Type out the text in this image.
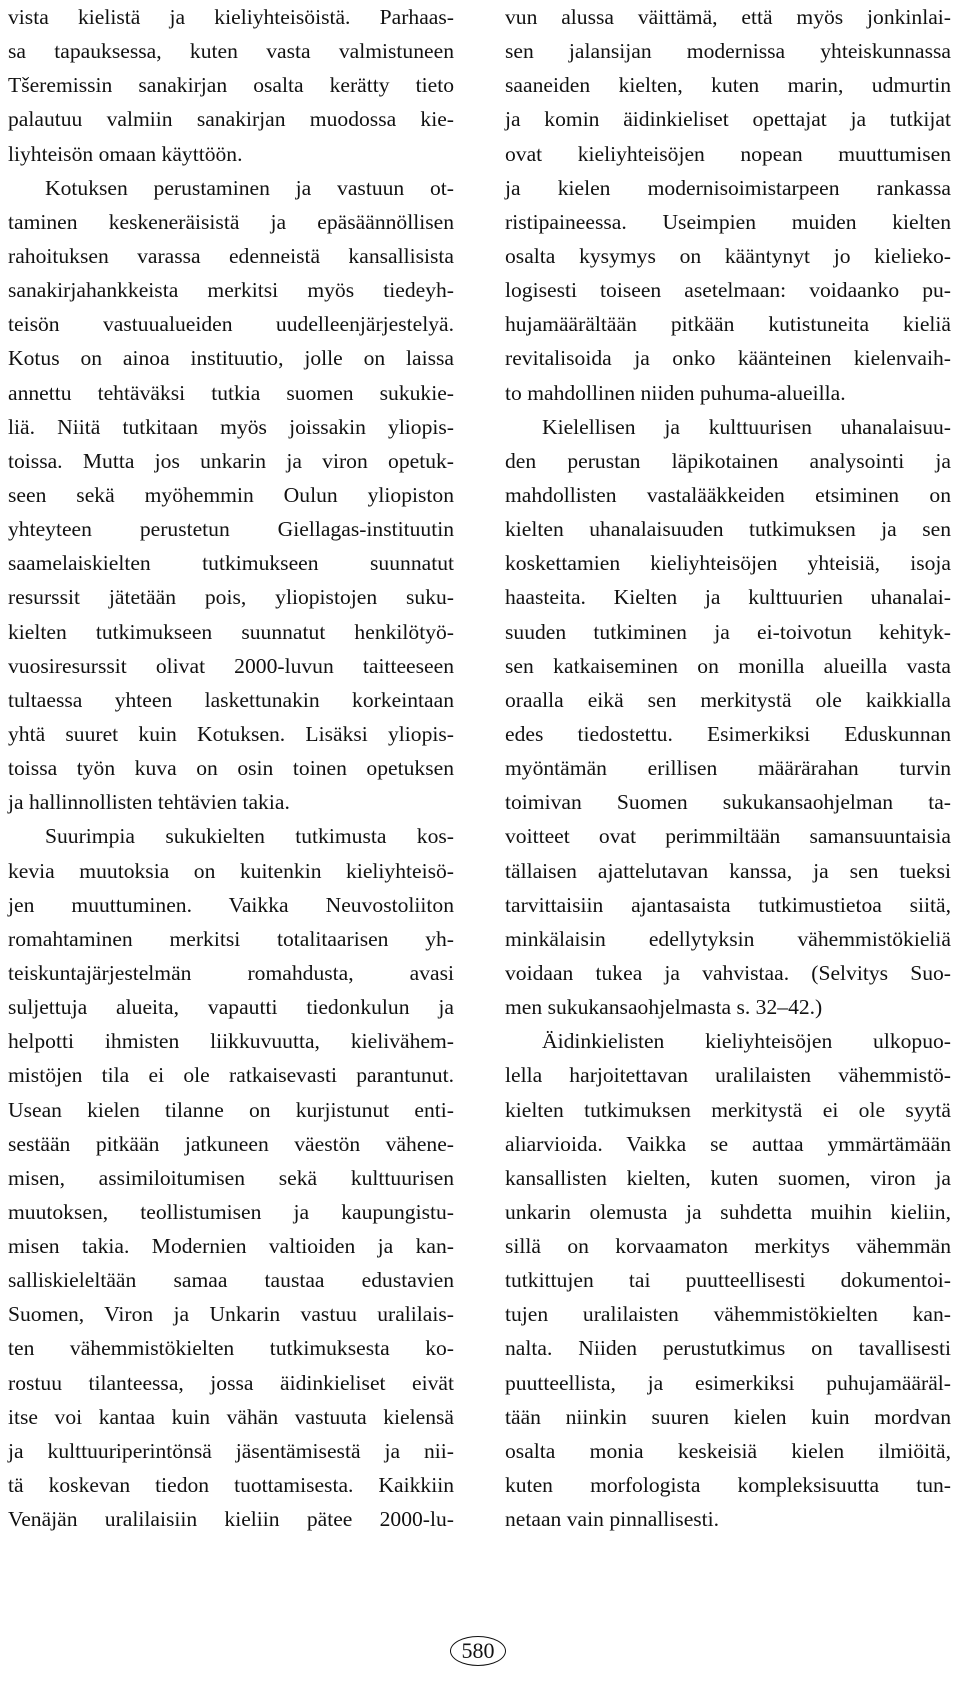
vista kielistä ja kieliyhteisöistä. Parhaas-
sa tapauksessa, kuten vasta valmistuneen
Tšeremissin sanakirjan osalta kerätty tieto
palautuu valmiin sanakirjan muodossa kie-
liyhteisön omaan käyttöön.
Kotuksen perustaminen ja vastuun ot-
taminen keskeneräisistä ja epäsäännöllisen
rahoituksen varassa edenneistä kansallisista
sanakirjahankkeista merkitsi myös tiedeyh-
teisön vastuualueiden uudelleenjärjestelyä.
Kotus on ainoa instituutio, jolle on laissa
annettu tehtäväksi tutkia suomen sukukie-
liä. Niitä tutkitaan myös joissakin yliopis-
toissa. Mutta jos unkarin ja viron opetuk-
seen sekä myöhemmin Oulun yliopiston
yhteyteen perustetun Giellagas-instituutin
saamelaiskielten tutkimukseen suunnatut
resurssit jätetään pois, yliopistojen suku-
kielten tutkimukseen suunnatut henkilötyö-
vuosiresurssit olivat 2000-luvun taitteeseen
tultaessa yhteen laskettunakin korkeintaan
yhtä suuret kuin Kotuksen. Lisäksi yliopis-
toissa työn kuva on osin toinen opetuksen
ja hallinnollisten tehtävien takia.
Suurimpia sukukielten tutkimusta kos-
kevia muutoksia on kuitenkin kieliyhteisö-
jen muuttuminen. Vaikka Neuvostoliiton
romahtaminen merkitsi totalitaarisen yh-
teiskuntajärjestelmän romahdusta, avasi
suljettuja alueita, vapautti tiedonkulun ja
helpotti ihmisten liikkuvuutta, kielivähem-
mistöjen tila ei ole ratkaisevasti parantunut.
Usean kielen tilanne on kurjistunut enti-
sestään pitkään jatkuneen väestön vähene-
misen, assimiloitumisen sekä kulttuurisen
muutoksen, teollistumisen ja kaupungistu-
misen takia. Modernien valtioiden ja kan-
salliskieleltään samaa taustaa edustavien
Suomen, Viron ja Unkarin vastuu uralilais-
ten vähemmistökielten tutkimuksesta ko-
rostuu tilanteessa, jossa äidinkieliset eivät
itse voi kantaa kuin vähän vastuuta kielensä
ja kulttuuriperintönsä jäsentämisestä ja nii-
tä koskevan tiedon tuottamisesta. Kaikkiin
Venäjän uralilaisiin kieliin pätee 2000-lu-
vun alussa väittämä, että myös jonkinlai-
sen jalansijan modernissa yhteiskunnassa
saaneiden kielten, kuten marin, udmurtin
ja komin äidinkieliset opettajat ja tutkijat
ovat kieliyhteisöjen nopean muuttumisen
ja kielen modernisoimistarpeen rankassa
ristipaineessa. Useimpien muiden kielten
osalta kysymys on kääntynyt jo kielieko-
logisesti toiseen asetelmaan: voidaanko pu-
hujamäärältään pitkään kutistuneita kieliä
revitalisoida ja onko käänteinen kielenvaih-
to mahdollinen niiden puhuma-alueilla.
Kielellisen ja kulttuurisen uhanalaisuu-
den perustan läpikotainen analysointi ja
mahdollisten vastalääkkeiden etsiminen on
kielten uhanalaisuuden tutkimuksen ja sen
koskettamien kieliyhteisöjen yhteisiä, isoja
haasteita. Kielten ja kulttuurien uhanalai-
suuden tutkiminen ja ei-toivotun kehityk-
sen katkaiseminen on monilla alueilla vasta
oraalla eikä sen merkitystä ole kaikkialla
edes tiedostettu. Esimerkiksi Eduskunnan
myöntämän erillisen määrärahan turvin
toimivan Suomen sukukansaohjelman ta-
voitteet ovat perimmiltään samansuuntaisia
tällaisen ajattelutavan kanssa, ja sen tueksi
tarvittaisiin ajantasaista tutkimustietoa siitä,
minkälaisin edellytyksin vähemmistökieliä
voidaan tukea ja vahvistaa. (Selvitys Suo-
men sukukansaohjelmasta s. 32–42.)
Äidinkielisten kieliyhteisöjen ulkopuo-
lella harjoitettavan uralilaisten vähemmistö-
kielten tutkimuksen merkitystä ei ole syytä
aliarvioida. Vaikka se auttaa ymmärtämään
kansallisten kielten, kuten suomen, viron ja
unkarin olemusta ja suhdetta muihin kieliin,
sillä on korvaamaton merkitys vähemmän
tutkittujen tai puutteellisesti dokumentoi-
tujen uralilaisten vähemmistökielten kan-
nalta. Niiden perustutkimus on tavallisesti
puutteellista, ja esimerkiksi puhujamääräl-
tään niinkin suuren kielen kuin mordvan
osalta monia keskeisiä kielen ilmiöitä,
kuten morfologista kompleksisuutta tun-
netaan vain pinnallisesti.
580
